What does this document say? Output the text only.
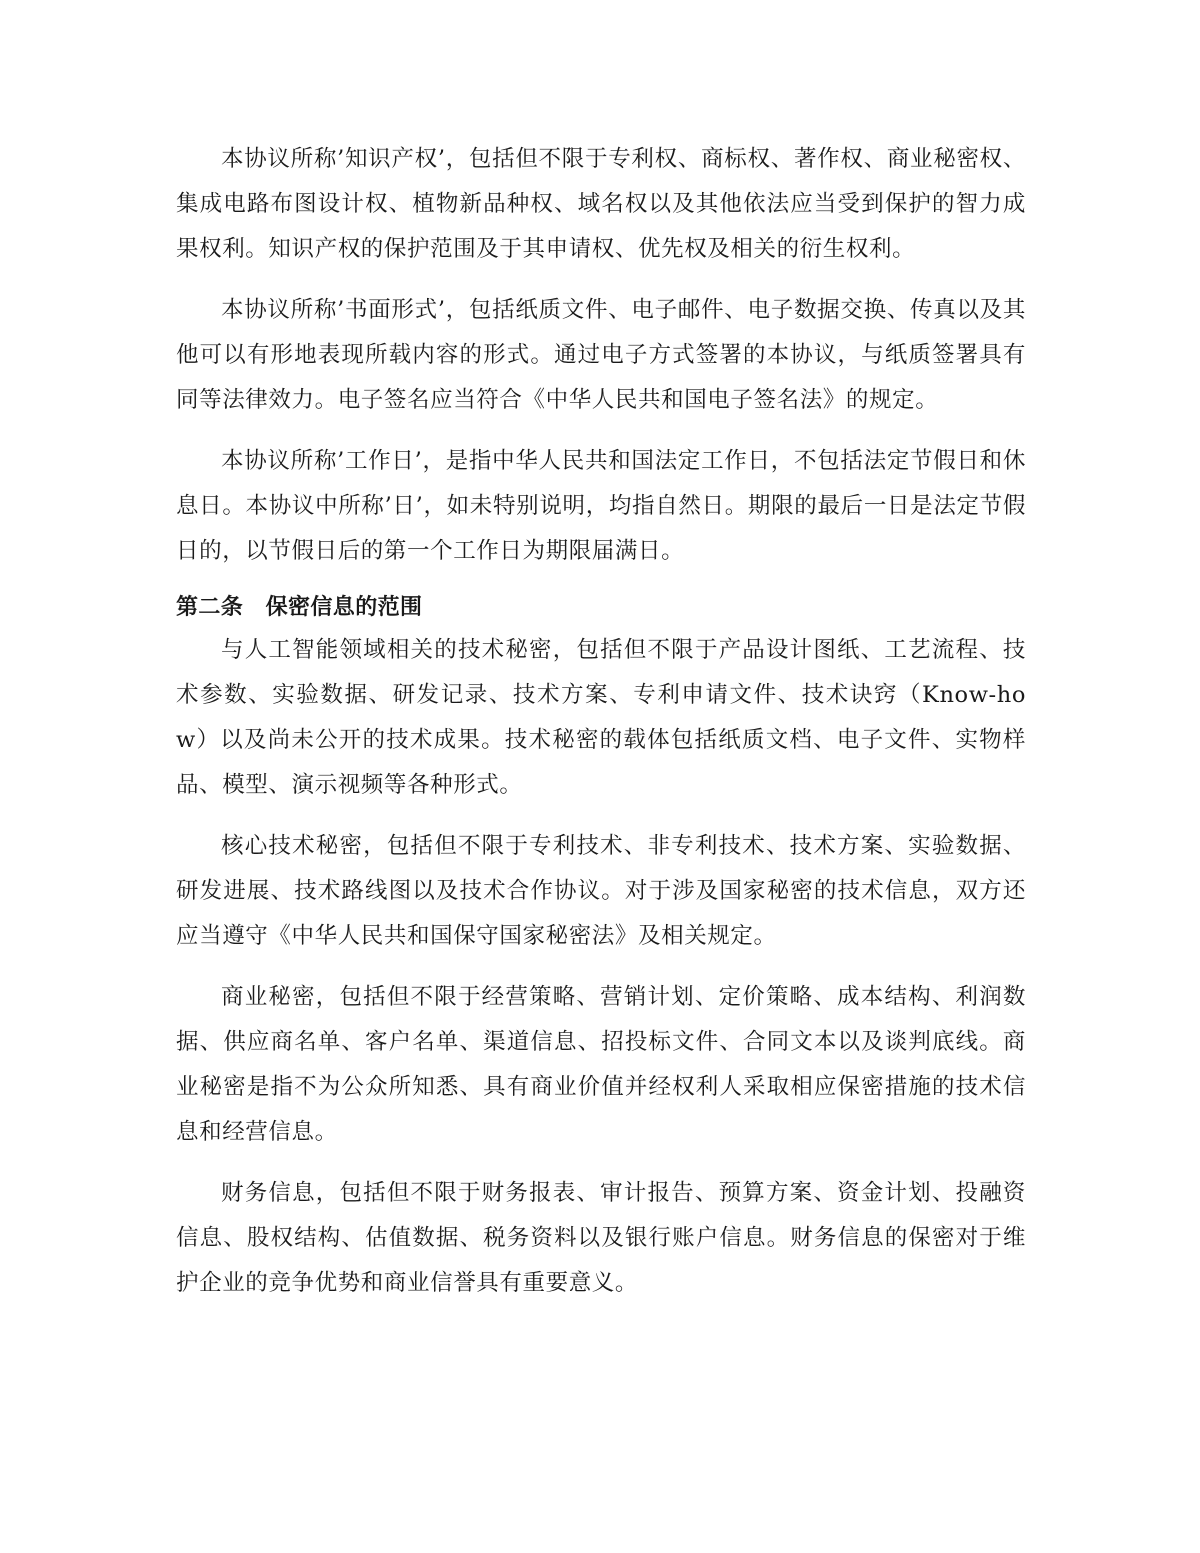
本协议所称’知识产权’，包括但不限于专利权、商标权、著作权、商业秘密权、集成电路布图设计权、植物新品种权、域名权以及其他依法应当受到保护的智力成果权利。知识产权的保护范围及于其申请权、优先权及相关的衍生权利。

本协议所称’书面形式’，包括纸质文件、电子邮件、电子数据交换、传真以及其他可以有形地表现所载内容的形式。通过电子方式签署的本协议，与纸质签署具有同等法律效力。电子签名应当符合《中华人民共和国电子签名法》的规定。

本协议所称’工作日’，是指中华人民共和国法定工作日，不包括法定节假日和休息日。本协议中所称’日’，如未特别说明，均指自然日。期限的最后一日是法定节假日的，以节假日后的第一个工作日为期限届满日。

第二条　保密信息的范围

与人工智能领域相关的技术秘密，包括但不限于产品设计图纸、工艺流程、技术参数、实验数据、研发记录、技术方案、专利申请文件、技术诀窍（Know-how）以及尚未公开的技术成果。技术秘密的载体包括纸质文档、电子文件、实物样品、模型、演示视频等各种形式。

核心技术秘密，包括但不限于专利技术、非专利技术、技术方案、实验数据、研发进展、技术路线图以及技术合作协议。对于涉及国家秘密的技术信息，双方还应当遵守《中华人民共和国保守国家秘密法》及相关规定。

商业秘密，包括但不限于经营策略、营销计划、定价策略、成本结构、利润数据、供应商名单、客户名单、渠道信息、招投标文件、合同文本以及谈判底线。商业秘密是指不为公众所知悉、具有商业价值并经权利人采取相应保密措施的技术信息和经营信息。

财务信息，包括但不限于财务报表、审计报告、预算方案、资金计划、投融资信息、股权结构、估值数据、税务资料以及银行账户信息。财务信息的保密对于维护企业的竞争优势和商业信誉具有重要意义。
